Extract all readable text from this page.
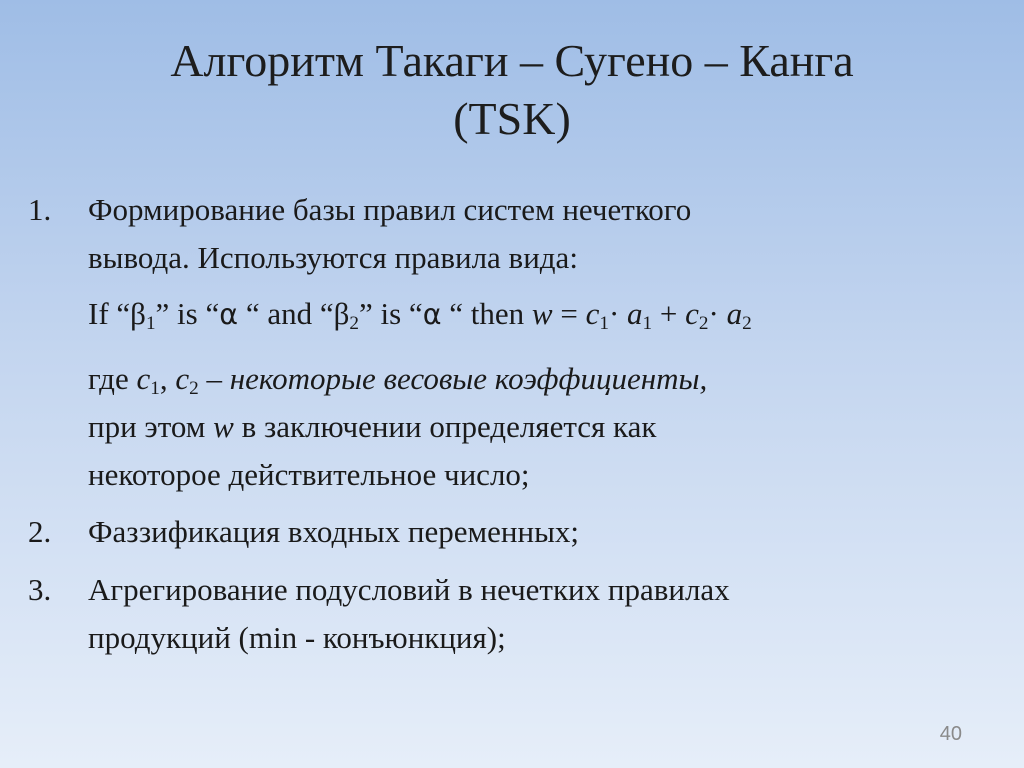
Алгоритм Такаги – Сугено – Канга
(TSK)
1. Формирование базы правил систем нечеткого
вывода. Используются правила вида:
If “$\beta_1$” is “α “ and “$\beta_2$” is “α “ then $w = c_1\cdot a_1 + c_2\cdot a_2$
где $c_1$, $c_2$ – некоторые весовые коэффициенты,
при этом w в заключении определяется как
некоторое действительное число;
2. Фаззификация входных переменных;
3. Агрегирование подусловий в нечетких правилах
продукций (min - конъюнкция);
40
